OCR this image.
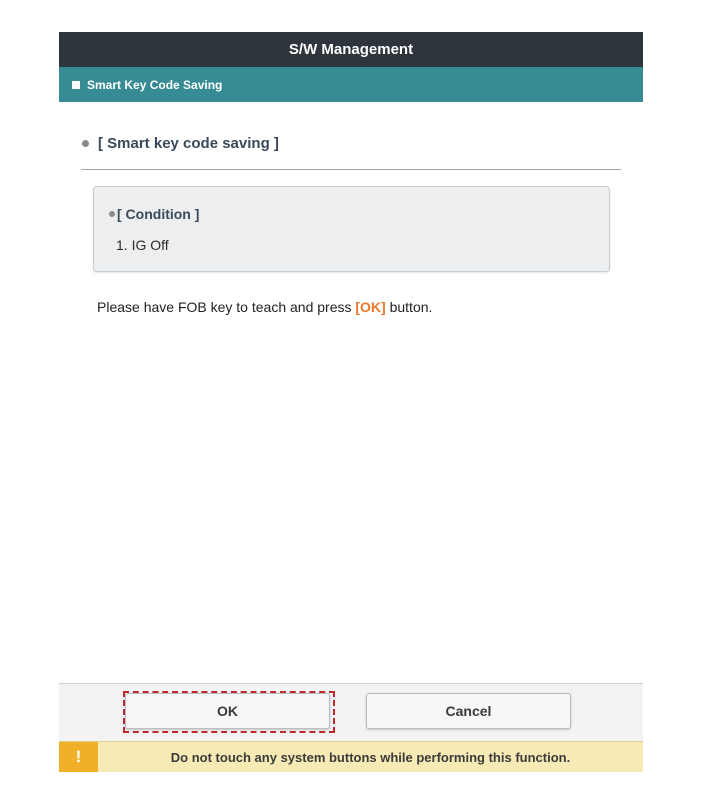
S/W Management
Smart Key Code Saving
[ Smart key code saving ]
[ Condition ]
1. IG Off
Please have FOB key to teach and press [OK] button.
OK	Cancel
!	Do not touch any system buttons while performing this function.
